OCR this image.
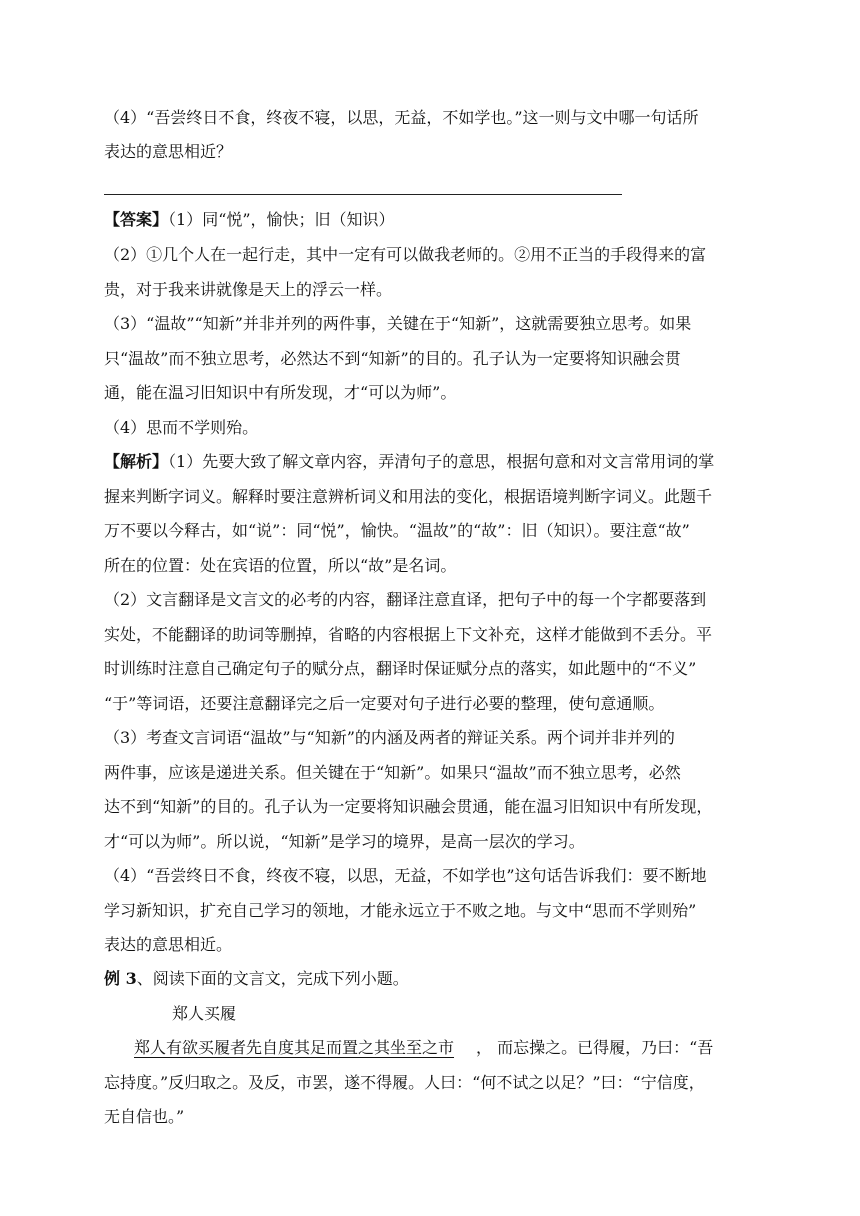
（4）“吾尝终日不食，终夜不寝，以思，无益，不如学也。”这一则与文中哪一句话所
表达的意思相近？
【答案】（1）同“悦”，愉快；旧（知识）
（2）①几个人在一起行走，其中一定有可以做我老师的。②用不正当的手段得来的富
贵，对于我来讲就像是天上的浮云一样。
（3）“温故”“知新”并非并列的两件事，关键在于“知新”，这就需要独立思考。如果
只“温故”而不独立思考，必然达不到“知新”的目的。孔子认为一定要将知识融会贯
通，能在温习旧知识中有所发现，才“可以为师”。
（4）思而不学则殆。
【解析】（1）先要大致了解文章内容，弄清句子的意思，根据句意和对文言常用词的掌
握来判断字词义。解释时要注意辨析词义和用法的变化，根据语境判断字词义。此题千
万不要以今释古，如“说”：同“悦”，愉快。“温故”的“故”：旧（知识）。要注意“故”
所在的位置：处在宾语的位置，所以“故”是名词。
（2）文言翻译是文言文的必考的内容，翻译注意直译，把句子中的每一个字都要落到
实处，不能翻译的助词等删掉，省略的内容根据上下文补充，这样才能做到不丢分。平
时训练时注意自己确定句子的赋分点，翻译时保证赋分点的落实，如此题中的“不义”
“于”等词语，还要注意翻译完之后一定要对句子进行必要的整理，使句意通顺。
（3）考查文言词语“温故”与“知新”的内涵及两者的辩证关系。两个词并非并列的
两件事，应该是递进关系。但关键在于“知新”。如果只“温故”而不独立思考，必然
达不到“知新”的目的。孔子认为一定要将知识融会贯通，能在温习旧知识中有所发现，
才“可以为师”。所以说，“知新”是学习的境界，是高一层次的学习。
（4）“吾尝终日不食，终夜不寝，以思，无益，不如学也”这句话告诉我们：要不断地
学习新知识，扩充自己学习的领地，才能永远立于不败之地。与文中“思而不学则殆”
表达的意思相近。
例 3、阅读下面的文言文，完成下列小题。
郑人买履
郑人有欲买履者先自度其足而置之其坐至之市 ， 而忘操之。已得履，乃曰：“吾
忘持度。”反归取之。及反，市罢，遂不得履。人曰：“何不试之以足？”曰：“宁信度，
无自信也。”
